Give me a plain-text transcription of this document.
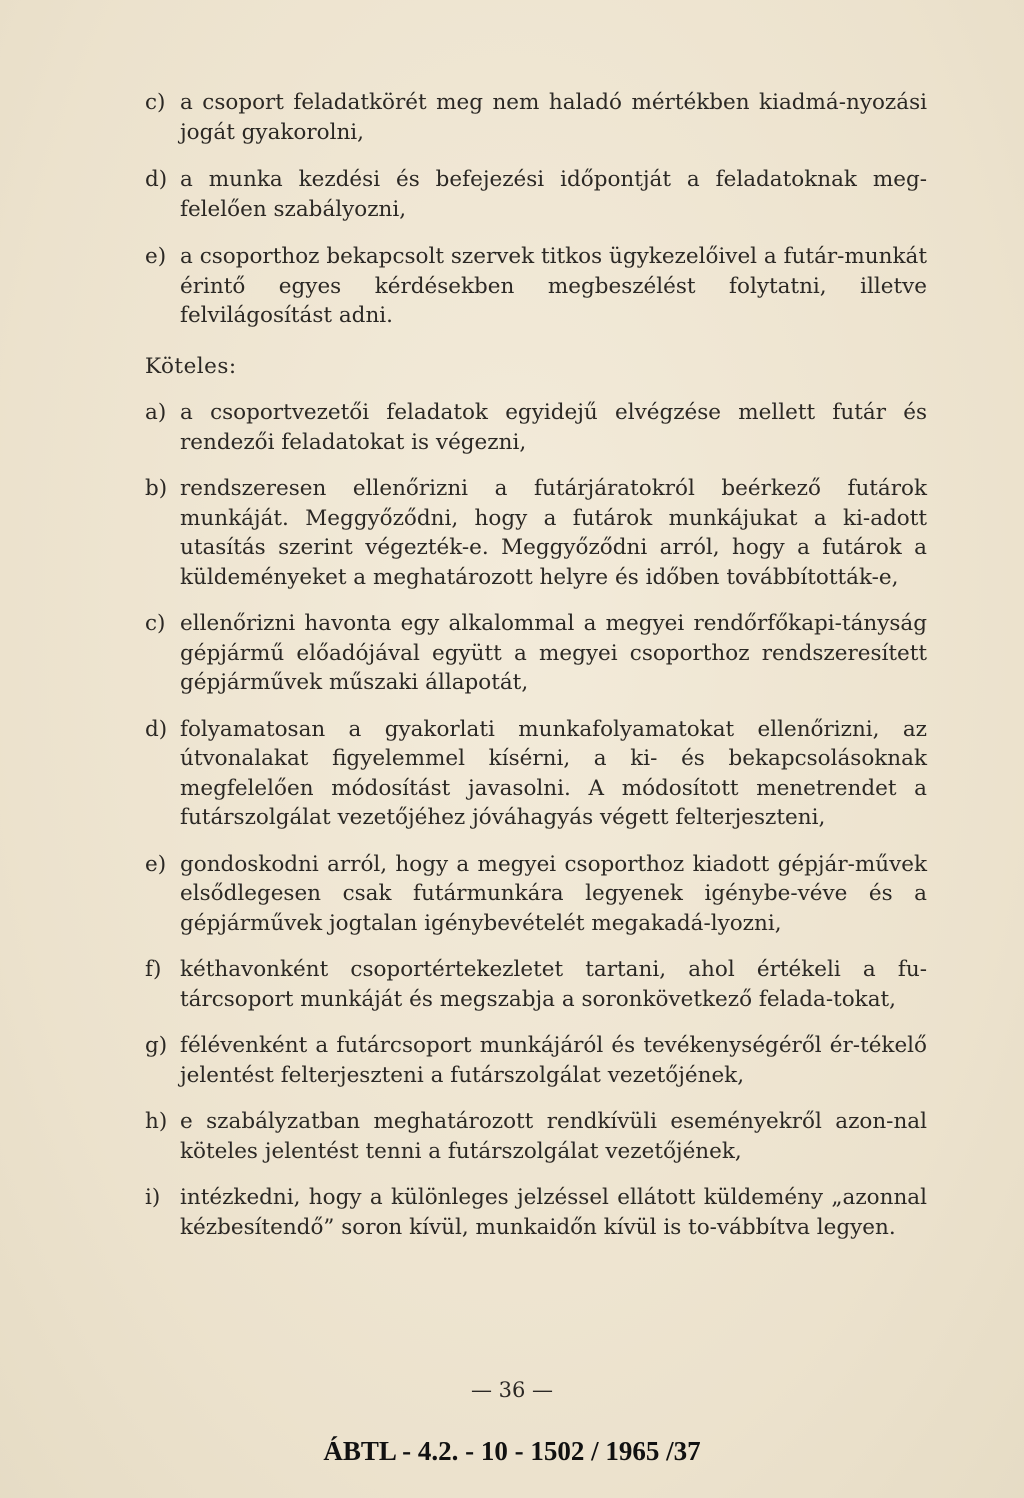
c) a csoport feladatkörét meg nem haladó mértékben kiadmá-nyozási jogát gyakorolni,
d) a munka kezdési és befejezési időpontját a feladatoknak meg-felelően szabályozni,
e) a csoporthoz bekapcsolt szervek titkos ügykezelőivel a futár-munkát érintő egyes kérdésekben megbeszélést folytatni, illetve felvilágosítást adni.
Köteles:
a) a csoportvezetői feladatok egyidejű elvégzése mellett futár és rendezői feladatokat is végezni,
b) rendszeresen ellenőrizni a futárjáratokról beérkező futárok munkáját. Meggyőződni, hogy a futárok munkájukat a ki-adott utasítás szerint végezték-e. Meggyőződni arról, hogy a futárok a küldeményeket a meghatározott helyre és időben továbbították-e,
c) ellenőrizni havonta egy alkalommal a megyei rendőrfőkapi-tányság gépjármű előadójával együtt a megyei csoporthoz rendszeresített gépjárművek műszaki állapotát,
d) folyamatosan a gyakorlati munkafolyamatokat ellenőrizni, az útvonalakat figyelemmel kísérni, a ki- és bekapcsolásoknak megfelelően módosítást javasolni. A módosított menetrendet a futárszolgálat vezetőjéhez jóváhagyás végett felterjeszteni,
e) gondoskodni arról, hogy a megyei csoporthoz kiadott gépjár-művek elsődlegesen csak futármunkára legyenek igénybe-véve és a gépjárművek jogtalan igénybevételét megakadá-lyozni,
f) kéthavonként csoportértekezletet tartani, ahol értékeli a fu-tárcsoport munkáját és megszabja a soronkövetkező felada-tokat,
g) félévenként a futárcsoport munkájáról és tevékenységéről ér-tékelő jelentést felterjeszteni a futárszolgálat vezetőjének,
h) e szabályzatban meghatározott rendkívüli eseményekről azon-nal köteles jelentést tenni a futárszolgálat vezetőjének,
i) intézkedni, hogy a különleges jelzéssel ellátott küldemény „azonnal kézbesítendő” soron kívül, munkaidőn kívül is to-vábbítva legyen.
— 36 —
ÁBTL - 4.2. - 10 - 1502 / 1965 /37
